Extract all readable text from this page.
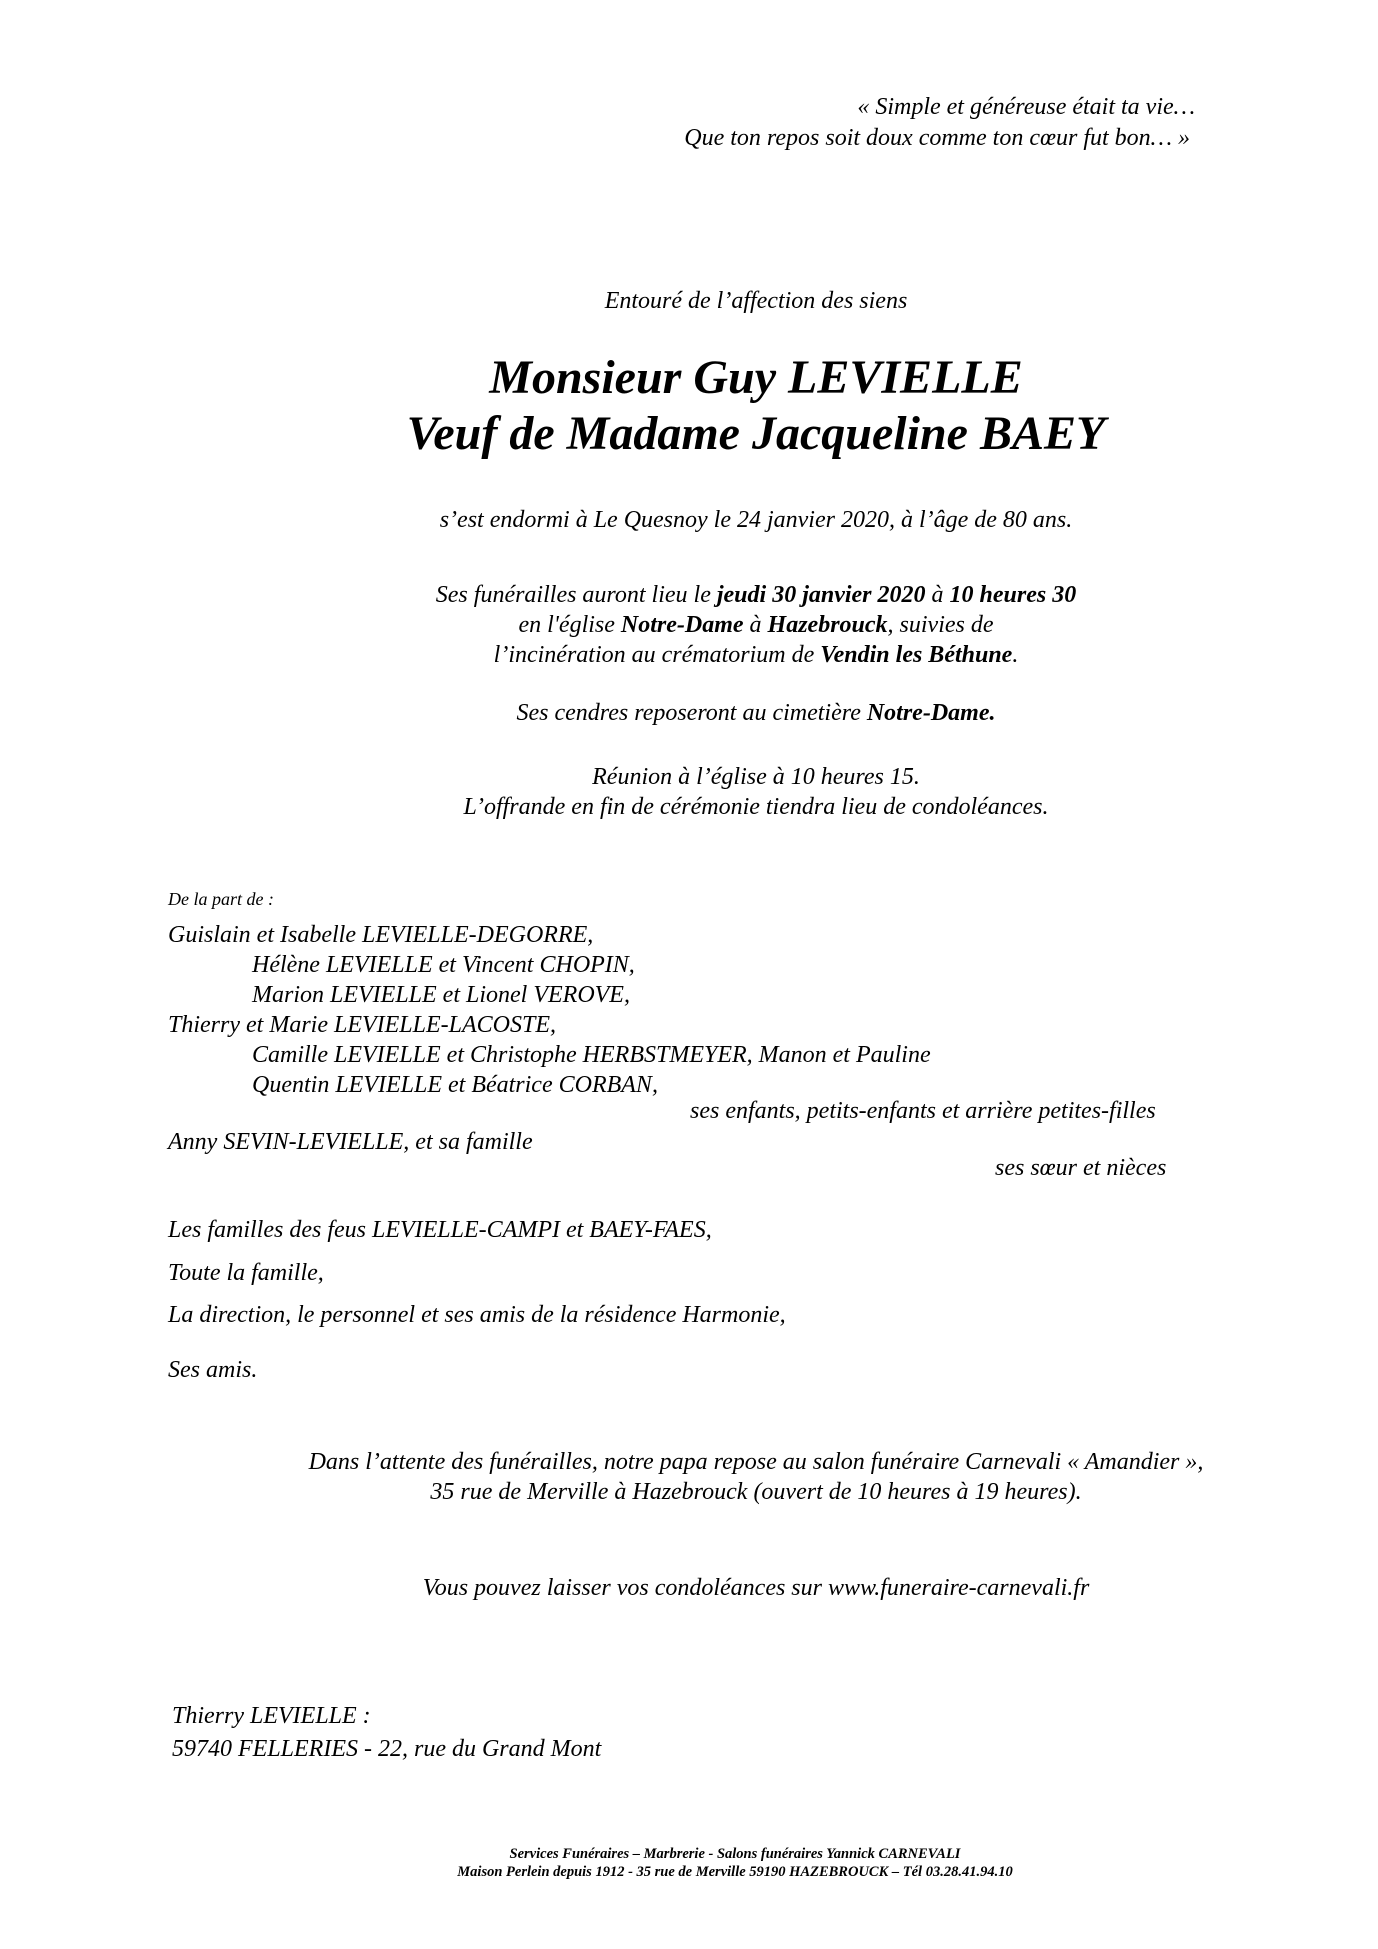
« Simple et généreuse était ta vie…
Que ton repos soit doux comme ton cœur fut bon… »
Entouré de l’affection des siens
Monsieur Guy LEVIELLE
Veuf de Madame Jacqueline BAEY
s’est endormi à Le Quesnoy le 24 janvier 2020, à l’âge de 80 ans.
Ses funérailles auront lieu le jeudi 30 janvier 2020 à 10 heures 30
en l'église Notre-Dame à Hazebrouck, suivies de
l’incinération au crématorium de Vendin les Béthune.
Ses cendres reposeront au cimetière Notre-Dame.
Réunion à l’église à 10 heures 15.
L’offrande en fin de cérémonie tiendra lieu de condoléances.
De la part de :
Guislain et Isabelle LEVIELLE-DEGORRE,
Hélène LEVIELLE et Vincent CHOPIN,
Marion LEVIELLE et Lionel VEROVE,
Thierry et Marie LEVIELLE-LACOSTE,
Camille LEVIELLE et Christophe HERBSTMEYER, Manon et Pauline
Quentin LEVIELLE et Béatrice CORBAN,
ses enfants, petits-enfants et arrière petites-filles
Anny SEVIN-LEVIELLE, et sa famille
ses sœur et nièces
Les familles des feus LEVIELLE-CAMPI et BAEY-FAES,
Toute la famille,
La direction, le personnel et ses amis de la résidence Harmonie,
Ses amis.
Dans l’attente des funérailles, notre papa repose au salon funéraire Carnevali « Amandier »,
35 rue de Merville à Hazebrouck (ouvert de 10 heures à 19 heures).
Vous pouvez laisser vos condoléances sur www.funeraire-carnevali.fr
Thierry LEVIELLE :
59740 FELLERIES - 22, rue du Grand Mont
Services Funéraires – Marbrerie - Salons funéraires Yannick CARNEVALI
Maison Perlein depuis 1912 - 35 rue de Merville 59190 HAZEBROUCK – Tél 03.28.41.94.10
